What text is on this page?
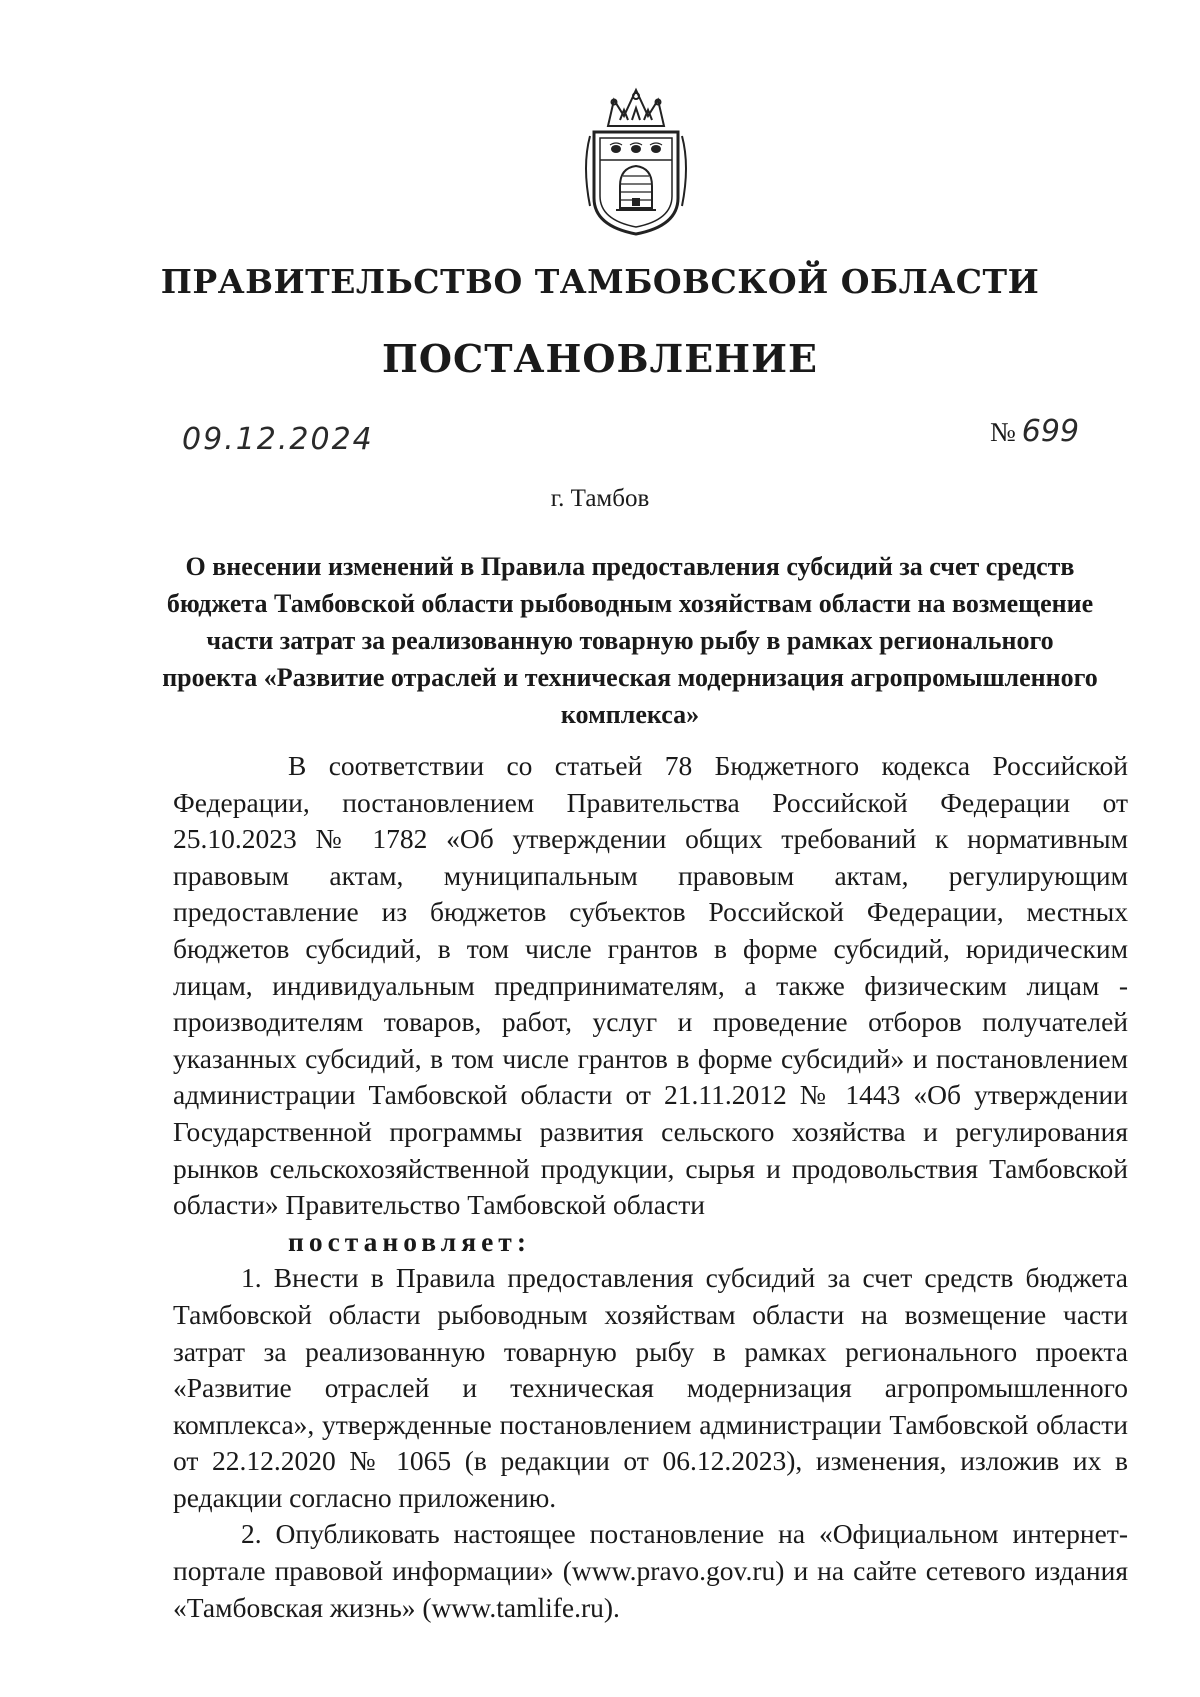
ПРАВИТЕЛЬСТВО ТАМБОВСКОЙ ОБЛАСТИ
ПОСТАНОВЛЕНИЕ
09.12.2024	№ 699
г. Тамбов
О внесении изменений в Правила предоставления субсидий за счет средств бюджета Тамбовской области рыбоводным хозяйствам области на возмещение части затрат за реализованную товарную рыбу в рамках регионального проекта «Развитие отраслей и техническая модернизация агропромышленного комплекса»

В соответствии со статьей 78 Бюджетного кодекса Российской Федерации, постановлением Правительства Российской Федерации от 25.10.2023 № 1782 «Об утверждении общих требований к нормативным правовым актам, муниципальным правовым актам, регулирующим предоставление из бюджетов субъектов Российской Федерации, местных бюджетов субсидий, в том числе грантов в форме субсидий, юридическим лицам, индивидуальным предпринимателям, а также физическим лицам - производителям товаров, работ, услуг и проведение отборов получателей указанных субсидий, в том числе грантов в форме субсидий» и постановлением администрации Тамбовской области от 21.11.2012 № 1443 «Об утверждении Государственной программы развития сельского хозяйства и регулирования рынков сельскохозяйственной продукции, сырья и продовольствия Тамбовской области» Правительство Тамбовской области
постановляет:

1. Внести в Правила предоставления субсидий за счет средств бюджета Тамбовской области рыбоводным хозяйствам области на возмещение части затрат за реализованную товарную рыбу в рамках регионального проекта «Развитие отраслей и техническая модернизация агропромышленного комплекса», утвержденные постановлением администрации Тамбовской области от 22.12.2020 № 1065 (в редакции от 06.12.2023), изменения, изложив их в редакции согласно приложению.

2. Опубликовать настоящее постановление на «Официальном интернет-портале правовой информации» (www.pravo.gov.ru) и на сайте сетевого издания «Тамбовская жизнь» (www.tamlife.ru).
